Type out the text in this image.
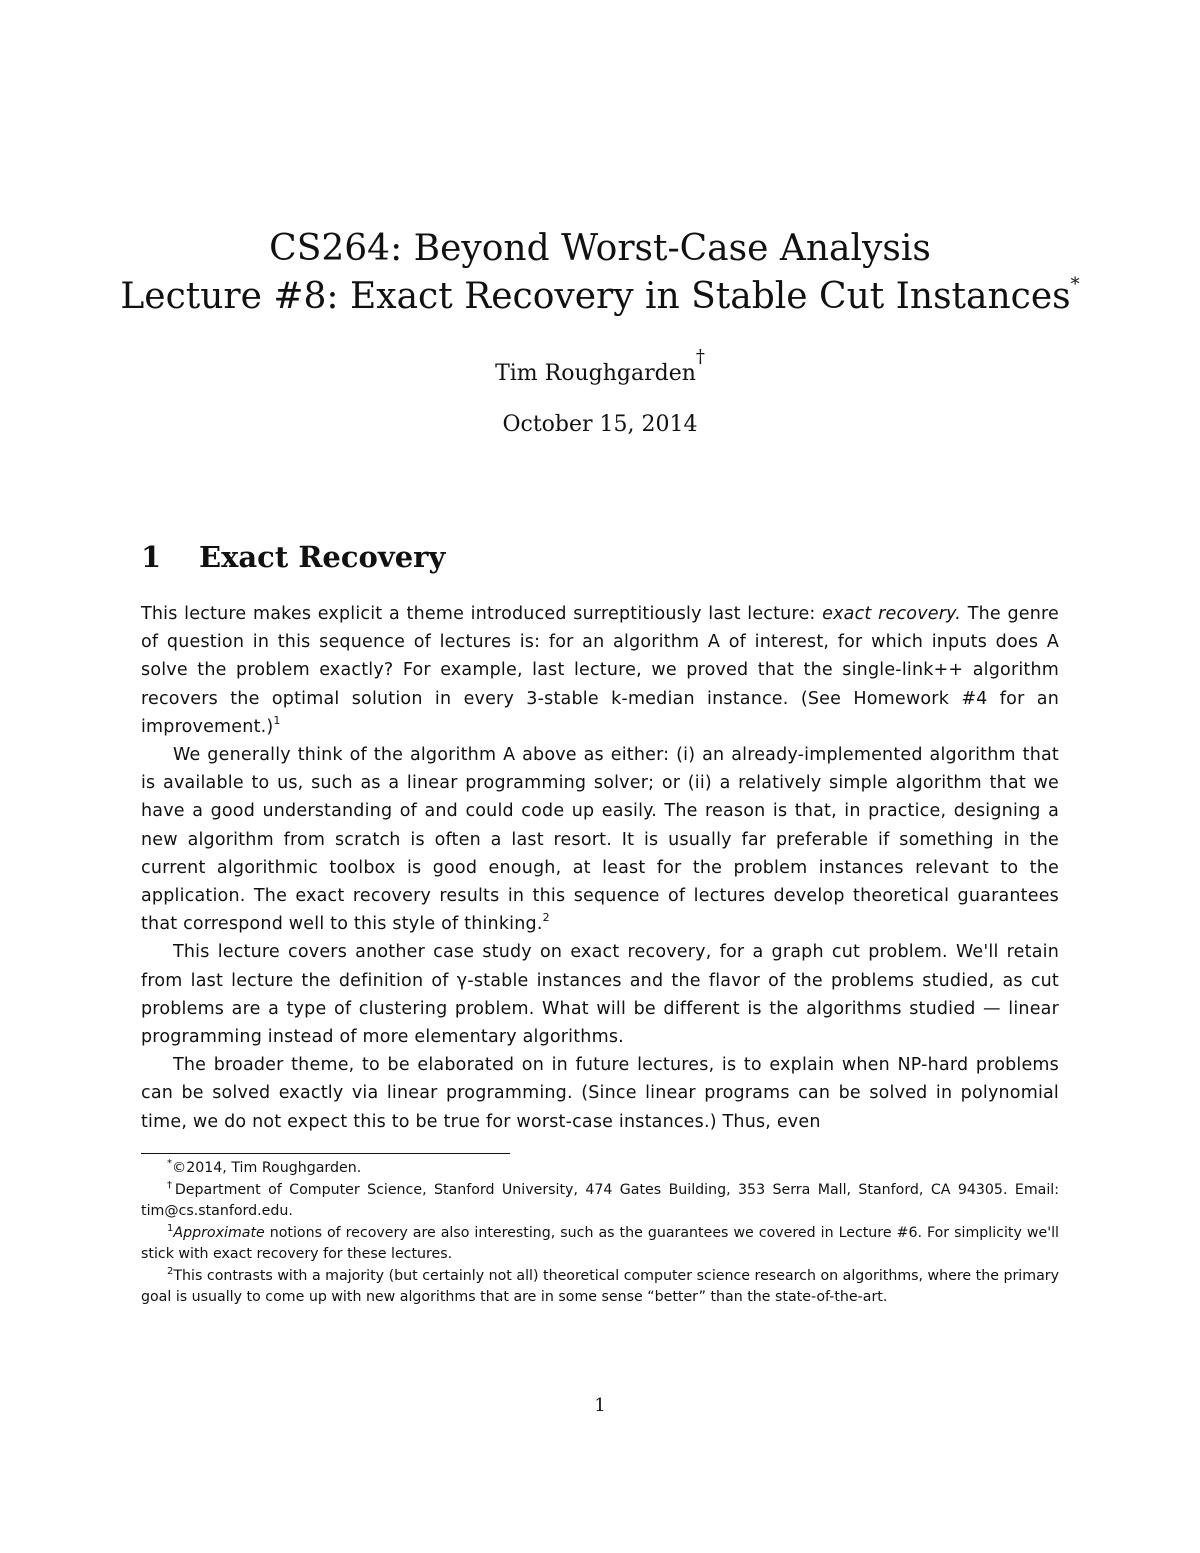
CS264: Beyond Worst-Case Analysis
Lecture #8: Exact Recovery in Stable Cut Instances*
Tim Roughgarden†
October 15, 2014
1 Exact Recovery

This lecture makes explicit a theme introduced surreptitiously last lecture: exact recovery. The genre of question in this sequence of lectures is: for an algorithm A of interest, for which inputs does A solve the problem exactly? For example, last lecture, we proved that the single-link++ algorithm recovers the optimal solution in every 3-stable k-median instance. (See Homework #4 for an improvement.)$^1$

We generally think of the algorithm A above as either: (i) an already-implemented algorithm that is available to us, such as a linear programming solver; or (ii) a relatively simple algorithm that we have a good understanding of and could code up easily. The reason is that, in practice, designing a new algorithm from scratch is often a last resort. It is usually far preferable if something in the current algorithmic toolbox is good enough, at least for the problem instances relevant to the application. The exact recovery results in this sequence of lectures develop theoretical guarantees that correspond well to this style of thinking.$^2$

This lecture covers another case study on exact recovery, for a graph cut problem. We'll retain from last lecture the definition of γ-stable instances and the flavor of the problems studied, as cut problems are a type of clustering problem. What will be different is the algorithms studied — linear programming instead of more elementary algorithms.

The broader theme, to be elaborated on in future lectures, is to explain when NP-hard problems can be solved exactly via linear programming. (Since linear programs can be solved in polynomial time, we do not expect this to be true for worst-case instances.) Thus, even

*©2014, Tim Roughgarden.

†Department of Computer Science, Stanford University, 474 Gates Building, 353 Serra Mall, Stanford, CA 94305. Email: tim@cs.stanford.edu.

$^1$Approximate notions of recovery are also interesting, such as the guarantees we covered in Lecture #6. For simplicity we'll stick with exact recovery for these lectures.

$^2$This contrasts with a majority (but certainly not all) theoretical computer science research on algorithms, where the primary goal is usually to come up with new algorithms that are in some sense “better” than the state-of-the-art.

1
